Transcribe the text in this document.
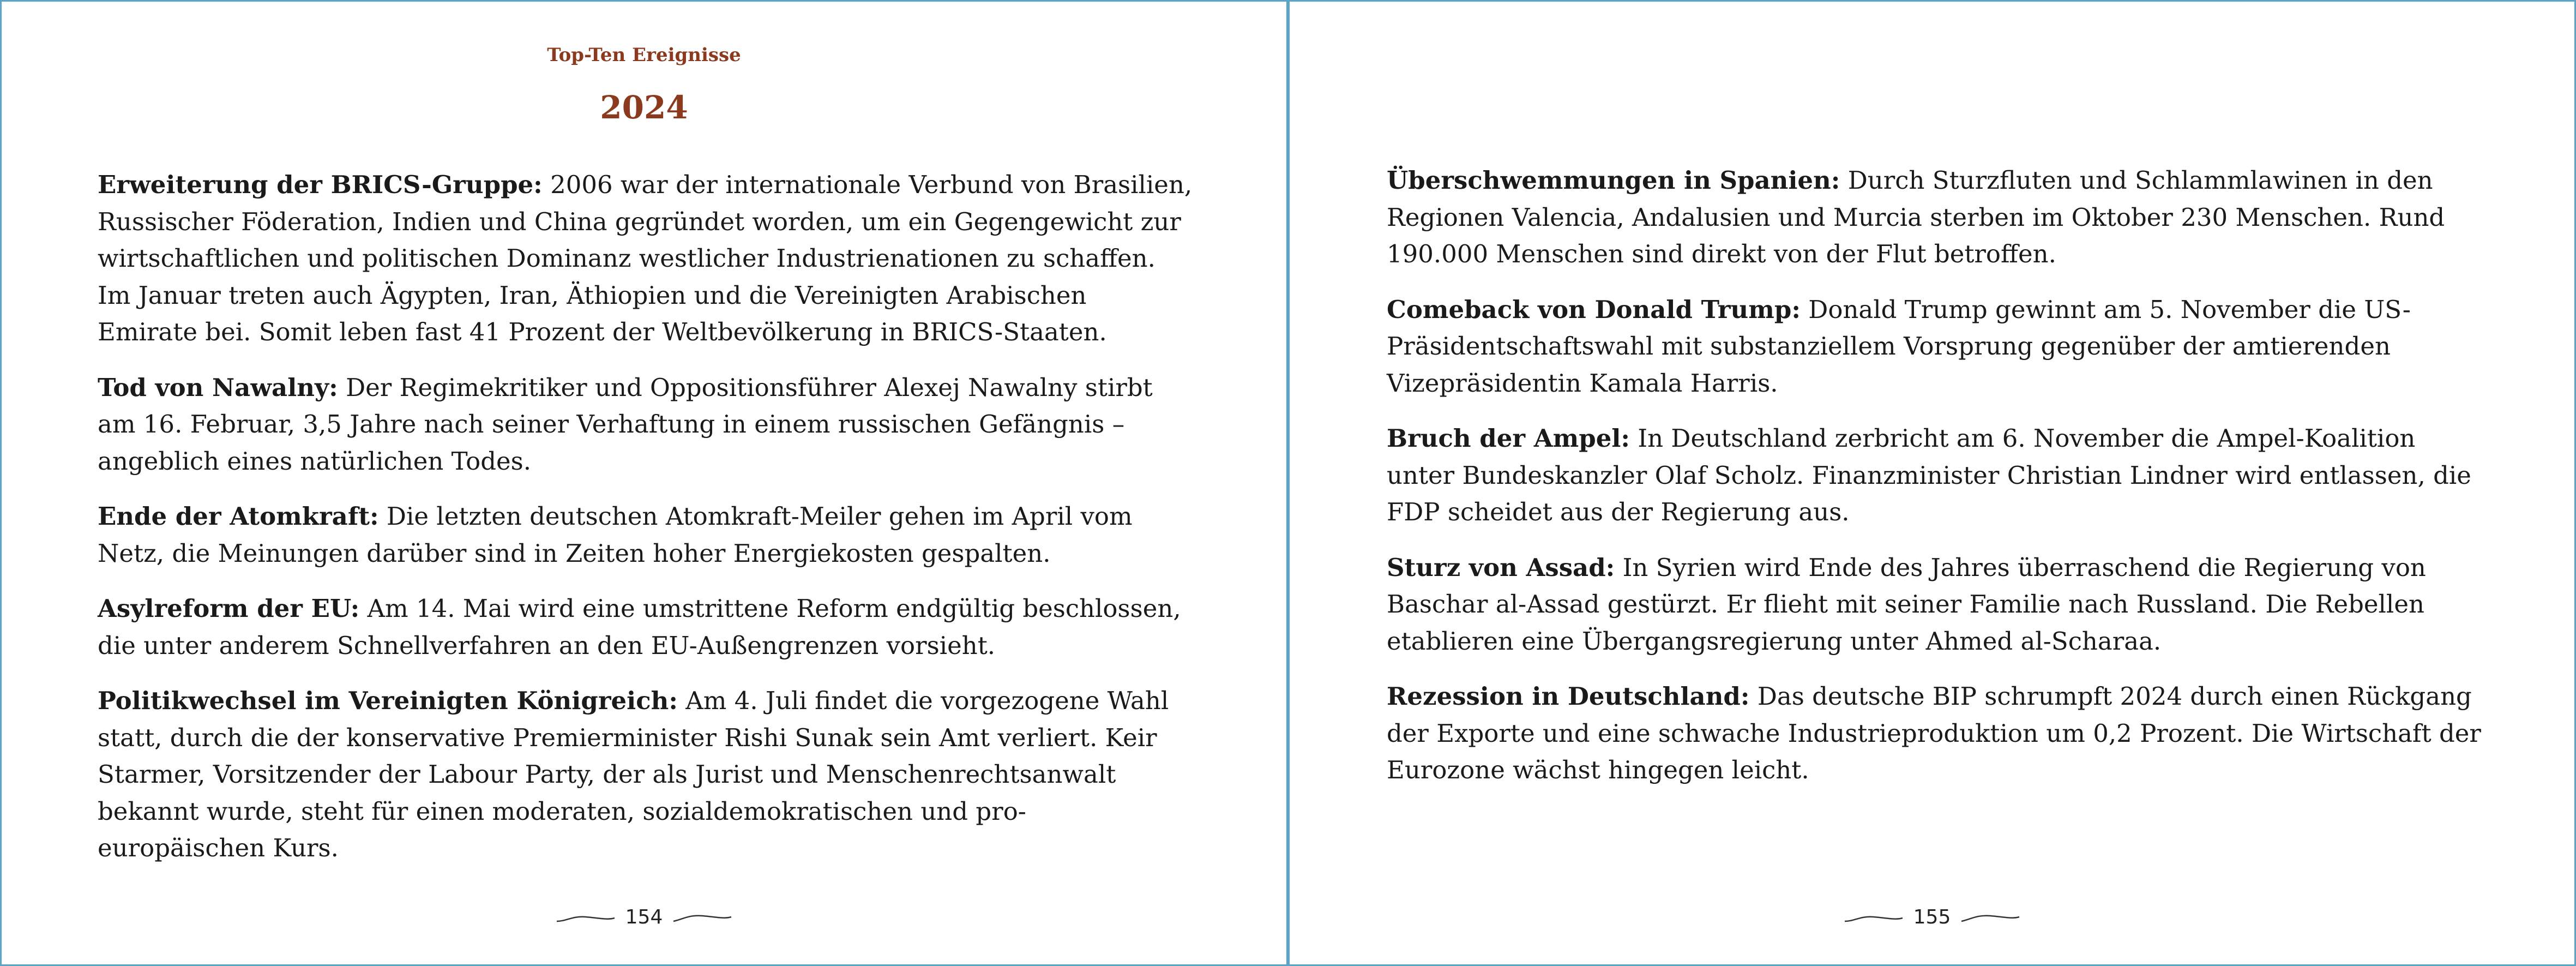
Top-Ten Ereignisse
2024

Erweiterung der BRICS-Gruppe: 2006 war der internationale Verbund von Brasilien, Russischer Föderation, Indien und China gegründet worden, um ein Gegengewicht zur wirtschaftlichen und politischen Dominanz westlicher Industrienationen zu schaffen. Im Januar treten auch Ägypten, Iran, Äthiopien und die Vereinigten Arabischen Emirate bei. Somit leben fast 41 Prozent der Weltbevölkerung in BRICS-Staaten.

Tod von Nawalny: Der Regimekritiker und Oppositionsführer Alexej Nawalny stirbt am 16. Februar, 3,5 Jahre nach seiner Verhaftung in einem russischen Gefängnis – angeblich eines natürlichen Todes.

Ende der Atomkraft: Die letzten deutschen Atomkraft-Meiler gehen im April vom Netz, die Meinungen darüber sind in Zeiten hoher Energiekosten gespalten.

Asylreform der EU: Am 14. Mai wird eine umstrittene Reform endgültig beschlossen, die unter anderem Schnellverfahren an den EU-Außengrenzen vorsieht.

Politikwechsel im Vereinigten Königreich: Am 4. Juli findet die vorgezogene Wahl statt, durch die der konservative Premierminister Rishi Sunak sein Amt verliert. Keir Starmer, Vorsitzender der Labour Party, der als Jurist und Menschenrechtsanwalt bekannt wurde, steht für einen moderaten, sozialdemokratischen und pro-europäischen Kurs.

154

Überschwemmungen in Spanien: Durch Sturzfluten und Schlammlawinen in den Regionen Valencia, Andalusien und Murcia sterben im Oktober 230 Menschen. Rund 190.000 Menschen sind direkt von der Flut betroffen.

Comeback von Donald Trump: Donald Trump gewinnt am 5. November die US-Präsidentschaftswahl mit substanziellem Vorsprung gegenüber der amtierenden Vizepräsidentin Kamala Harris.

Bruch der Ampel: In Deutschland zerbricht am 6. November die Ampel-Koalition unter Bundeskanzler Olaf Scholz. Finanzminister Christian Lindner wird entlassen, die FDP scheidet aus der Regierung aus.

Sturz von Assad: In Syrien wird Ende des Jahres überraschend die Regierung von Baschar al-Assad gestürzt. Er flieht mit seiner Familie nach Russland. Die Rebellen etablieren eine Übergangsregierung unter Ahmed al-Scharaa.

Rezession in Deutschland: Das deutsche BIP schrumpft 2024 durch einen Rückgang der Exporte und eine schwache Industrieproduktion um 0,2 Prozent. Die Wirtschaft der Eurozone wächst hingegen leicht.

155
